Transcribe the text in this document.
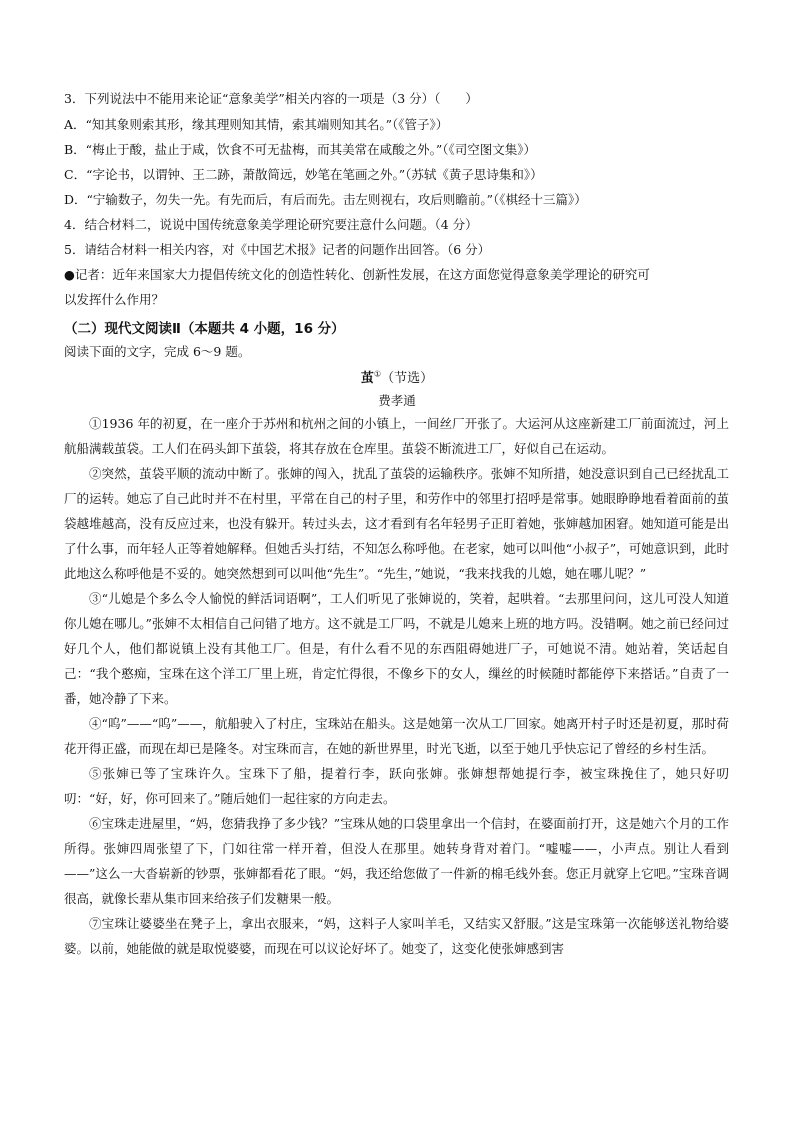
3．下列说法中不能用来论证“意象美学”相关内容的一项是（3 分）（　　）
A．“知其象则索其形，缘其理则知其情，索其端则知其名。”（《管子》）
B．“梅止于酸，盐止于咸，饮食不可无盐梅，而其美常在咸酸之外。”（《司空图文集》）
C．“字论书，以谓钟、王二跡，萧散简远，妙笔在笔画之外。”（苏轼《黄子思诗集和》）
D．“宁输数子，勿失一先。有先而后，有后而先。击左则视右，攻后则瞻前。”（《棋经十三篇》）
4．结合材料二，说说中国传统意象美学理论研究要注意什么问题。（4 分）
5．请结合材料一相关内容，对《中国艺术报》记者的问题作出回答。（6 分）
●记者：近年来国家大力提倡传统文化的创造性转化、创新性发展，在这方面您觉得意象美学理论的研究可
以发挥什么作用？
（二）现代文阅读Ⅱ（本题共 4 小题，16 分）
阅读下面的文字，完成 6～9 题。
茧①（节选）
费孝通

①1936 年的初夏，在一座介于苏州和杭州之间的小镇上，一间丝厂开张了。大运河从这座新建工厂前面流过，河上航船满载茧袋。工人们在码头卸下茧袋，将其存放在仓库里。茧袋不断流进工厂，好似自己在运动。

②突然，茧袋平顺的流动中断了。张婶的闯入，扰乱了茧袋的运输秩序。张婶不知所措，她没意识到自己已经扰乱工厂的运转。她忘了自己此时并不在村里，平常在自己的村子里，和劳作中的邻里打招呼是常事。她眼睁睁地看着面前的茧袋越堆越高，没有反应过来，也没有躲开。转过头去，这才看到有名年轻男子正盯着她，张婶越加困窘。她知道可能是出了什么事，而年轻人正等着她解释。但她舌头打结，不知怎么称呼他。在老家，她可以叫他“小叔子”，可她意识到，此时此地这么称呼他是不妥的。她突然想到可以叫他“先生”。“先生，”她说，“我来找我的儿媳，她在哪儿呢？”

③“儿媳是个多么令人愉悦的鲜活词语啊”，工人们听见了张婶说的，笑着，起哄着。“去那里问问，这儿可没人知道你儿媳在哪儿。”张婶不太相信自己问错了地方。这不就是工厂吗，不就是儿媳来上班的地方吗。没错啊。她之前已经问过好几个人，他们都说镇上没有其他工厂。但是，有什么看不见的东西阻碍她进厂子，可她说不清。她站着，笑话起自己：“我个憨痴，宝珠在这个洋工厂里上班，肯定忙得很，不像乡下的女人，缫丝的时候随时都能停下来搭话。”自责了一番，她冷静了下来。

④“呜”——“呜”——，航船驶入了村庄，宝珠站在船头。这是她第一次从工厂回家。她离开村子时还是初夏，那时荷花开得正盛，而现在却已是隆冬。对宝珠而言，在她的新世界里，时光飞逝，以至于她几乎快忘记了曾经的乡村生活。

⑤张婶已等了宝珠许久。宝珠下了船，提着行李，跃向张婶。张婶想帮她提行李，被宝珠挽住了，她只好叨叨：“好，好，你可回来了。”随后她们一起往家的方向走去。

⑥宝珠走进屋里，“妈，您猜我挣了多少钱？”宝珠从她的口袋里拿出一个信封，在婆面前打开，这是她六个月的工作所得。张婶四周张望了下，门如往常一样开着，但没人在那里。她转身背对着门。“嘘嘘——，小声点。别让人看到——”这么一大沓崭新的钞票，张婶都看花了眼。“妈，我还给您做了一件新的棉毛线外套。您正月就穿上它吧。”宝珠音调很高，就像长辈从集市回来给孩子们发糖果一般。

⑦宝珠让婆婆坐在凳子上，拿出衣服来，“妈，这料子人家叫羊毛，又结实又舒服。”这是宝珠第一次能够送礼物给婆婆。以前，她能做的就是取悦婆婆，而现在可以议论好坏了。她变了，这变化使张婶感到害
